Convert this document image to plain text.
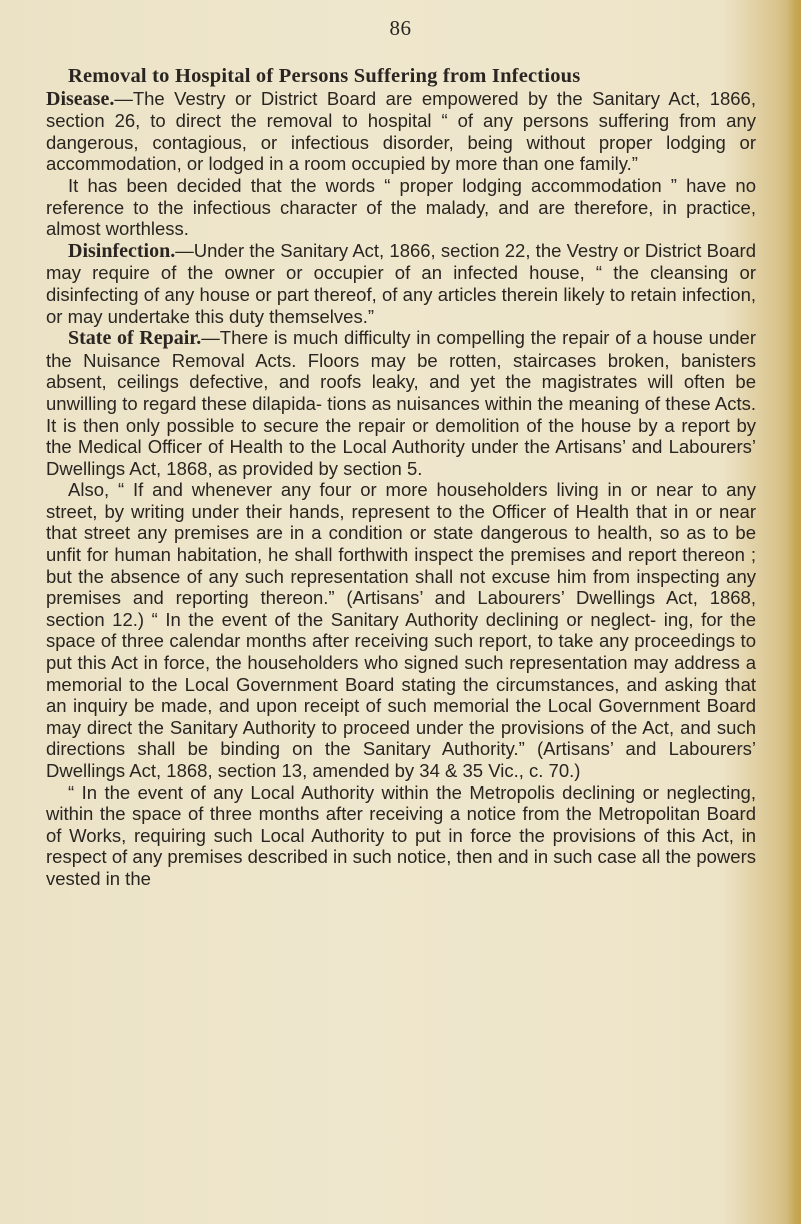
86

Removal to Hospital of Persons Suffering from Infectious
Disease.—The Vestry or District Board are empowered by the Sanitary Act, 1866, section 26, to direct the removal to hospital “ of any persons suffering from any dangerous, contagious, or infectious disorder, being without proper lodging or accommodation, or lodged in a room occupied by more than one family.”

It has been decided that the words “ proper lodging accommodation ” have no reference to the infectious character of the malady, and are therefore, in practice, almost worthless.

Disinfection.—Under the Sanitary Act, 1866, section 22, the Vestry or District Board may require of the owner or occupier of an infected house, “ the cleansing or disinfecting of any house or part thereof, of any articles therein likely to retain infection, or may undertake this duty themselves.”

State of Repair.—There is much difficulty in compelling the repair of a house under the Nuisance Removal Acts. Floors may be rotten, staircases broken, banisters absent, ceilings defective, and roofs leaky, and yet the magistrates will often be unwilling to regard these dilapida- tions as nuisances within the meaning of these Acts. It is then only possible to secure the repair or demolition of the house by a report by the Medical Officer of Health to the Local Authority under the Artisans’ and Labourers’ Dwellings Act, 1868, as provided by section 5.

Also, “ If and whenever any four or more householders living in or near to any street, by writing under their hands, represent to the Officer of Health that in or near that street any premises are in a condition or state dangerous to health, so as to be unfit for human habitation, he shall forthwith inspect the premises and report thereon ; but the absence of any such representation shall not excuse him from inspecting any premises and reporting thereon.” (Artisans’ and Labourers’ Dwellings Act, 1868, section 12.) “ In the event of the Sanitary Authority declining or neglect- ing, for the space of three calendar months after receiving such report, to take any proceedings to put this Act in force, the householders who signed such representation may address a memorial to the Local Government Board stating the circumstances, and asking that an inquiry be made, and upon receipt of such memorial the Local Government Board may direct the Sanitary Authority to proceed under the provisions of the Act, and such directions shall be binding on the Sanitary Authority.” (Artisans’ and Labourers’ Dwellings Act, 1868, section 13, amended by 34 & 35 Vic., c. 70.)

“ In the event of any Local Authority within the Metropolis declining or neglecting, within the space of three months after receiving a notice from the Metropolitan Board of Works, requiring such Local Authority to put in force the provisions of this Act, in respect of any premises described in such notice, then and in such case all the powers vested in the
